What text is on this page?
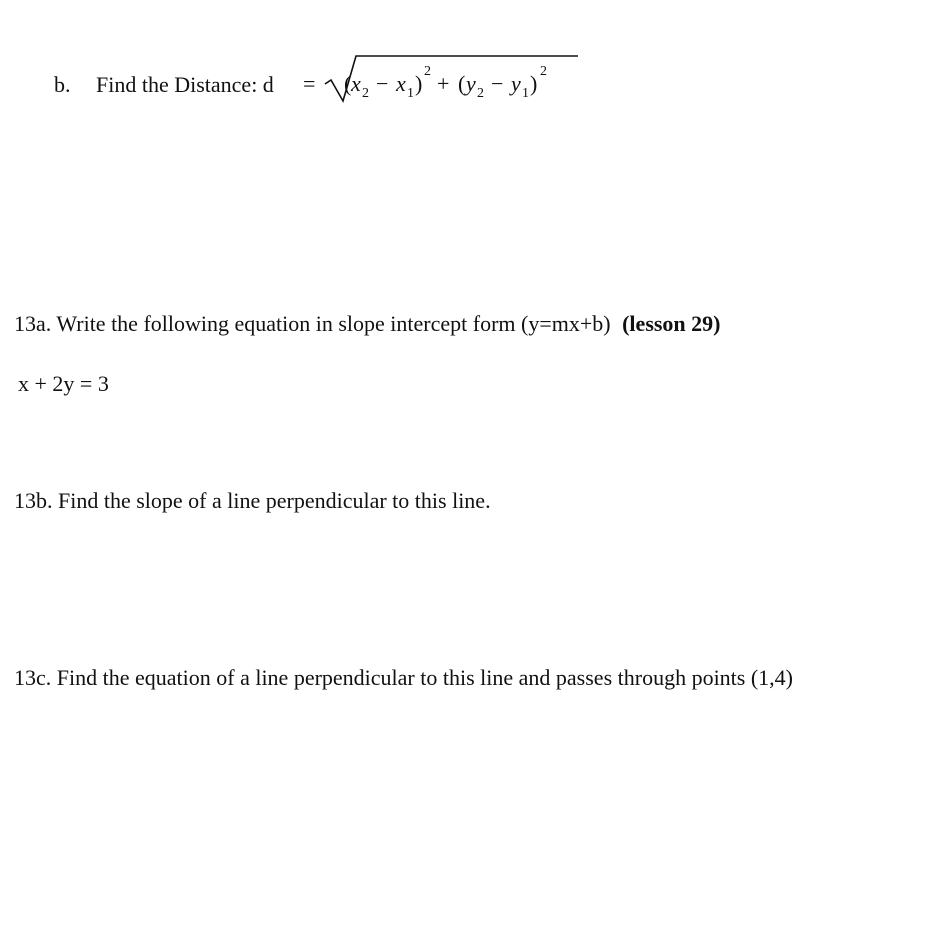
b. Find the Distance: d = ( x 2 − x 1 ) 2 + ( y 2 − y 1 ) 2
13a. Write the following equation in slope intercept form (y=mx+b) (lesson 29)
x + 2y = 3
13b. Find the slope of a line perpendicular to this line.
13c. Find the equation of a line perpendicular to this line and passes through points (1,4)
